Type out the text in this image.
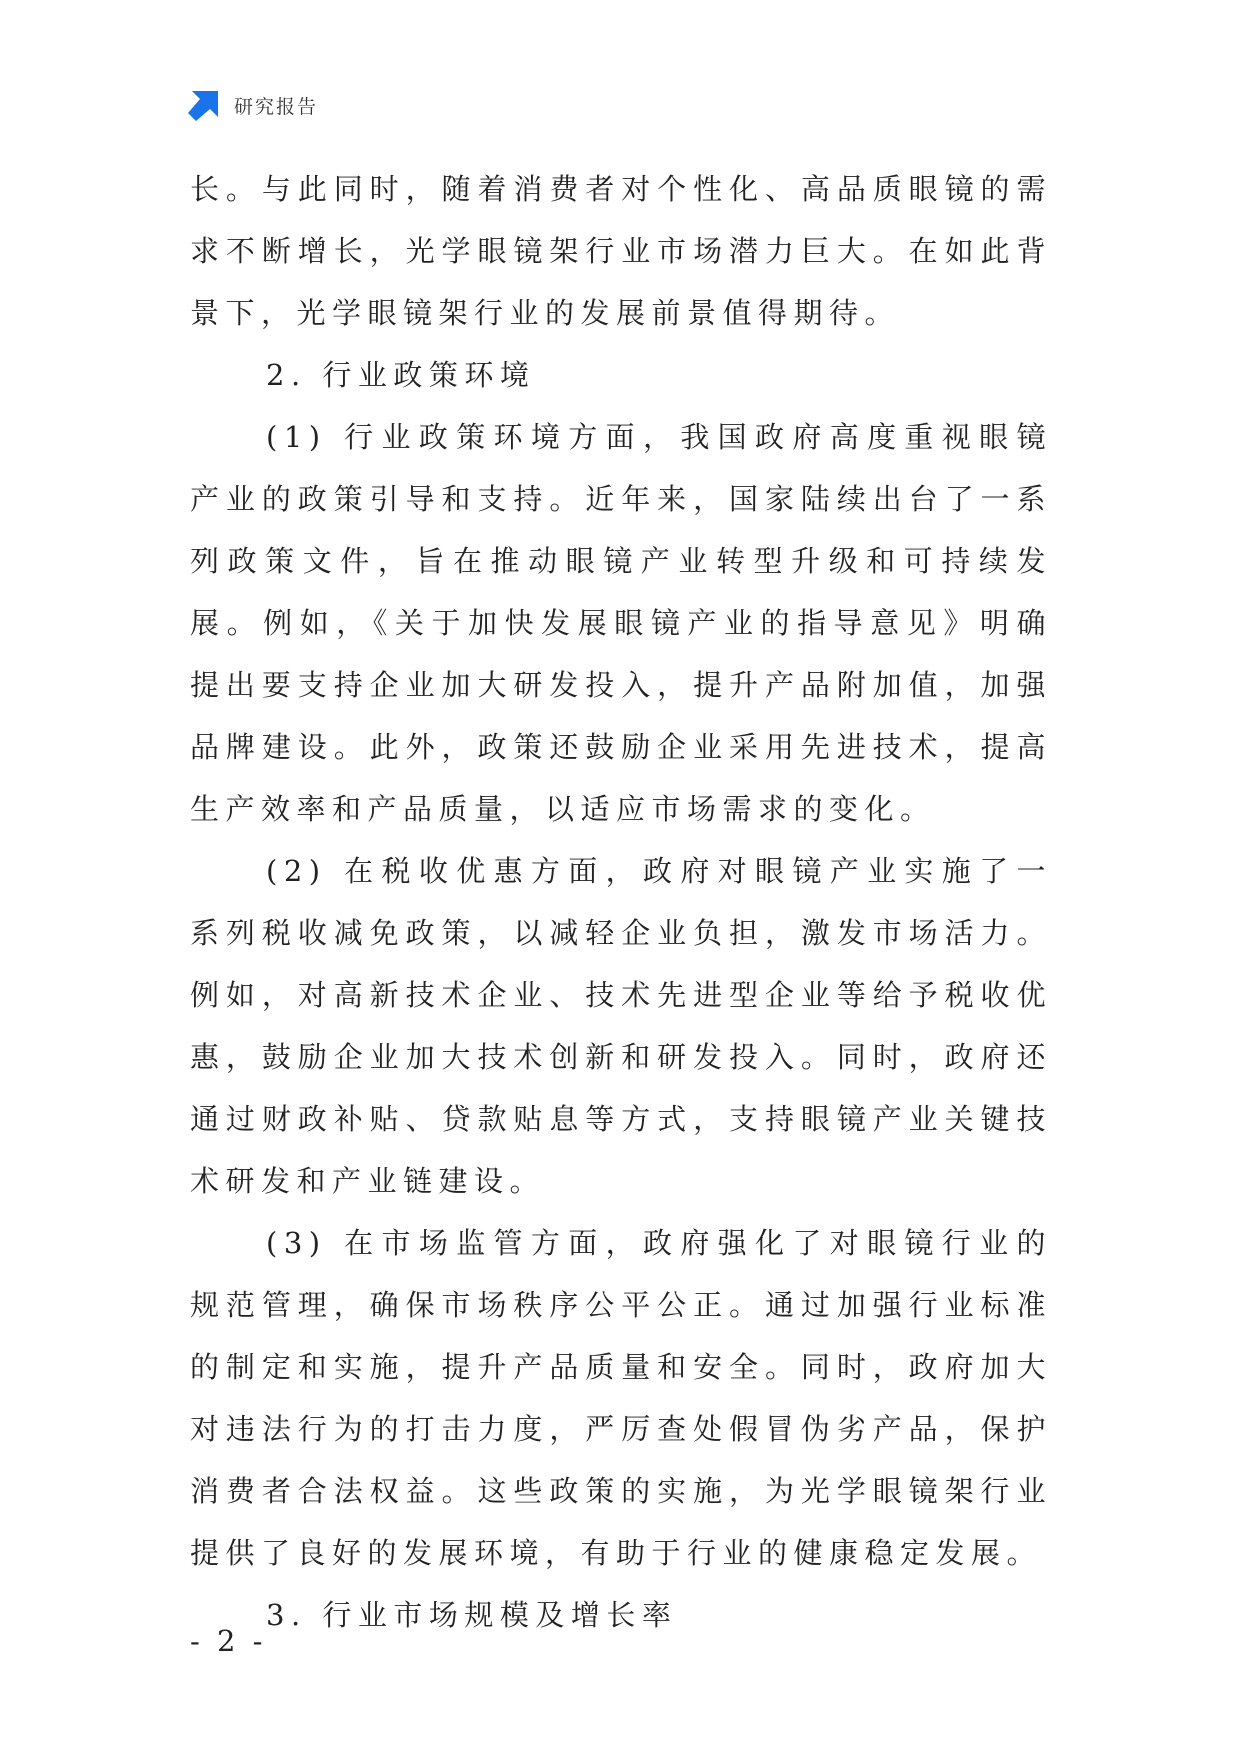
研究报告

长。与此同时，随着消费者对个性化、高品质眼镜的需求不断增长，光学眼镜架行业市场潜力巨大。在如此背景下，光学眼镜架行业的发展前景值得期待。

2. 行业政策环境

(1) 行业政策环境方面，我国政府高度重视眼镜产业的政策引导和支持。近年来，国家陆续出台了一系列政策文件，旨在推动眼镜产业转型升级和可持续发展。例如，《关于加快发展眼镜产业的指导意见》明确提出要支持企业加大研发投入，提升产品附加值，加强品牌建设。此外，政策还鼓励企业采用先进技术，提高生产效率和产品质量，以适应市场需求的变化。

(2) 在税收优惠方面，政府对眼镜产业实施了一系列税收减免政策，以减轻企业负担，激发市场活力。例如，对高新技术企业、技术先进型企业等给予税收优惠，鼓励企业加大技术创新和研发投入。同时，政府还通过财政补贴、贷款贴息等方式，支持眼镜产业关键技术研发和产业链建设。

(3) 在市场监管方面，政府强化了对眼镜行业的规范管理，确保市场秩序公平公正。通过加强行业标准的制定和实施，提升产品质量和安全。同时，政府加大对违法行为的打击力度，严厉查处假冒伪劣产品，保护消费者合法权益。这些政策的实施，为光学眼镜架行业提供了良好的发展环境，有助于行业的健康稳定发展。

3. 行业市场规模及增长率

- 2 -
